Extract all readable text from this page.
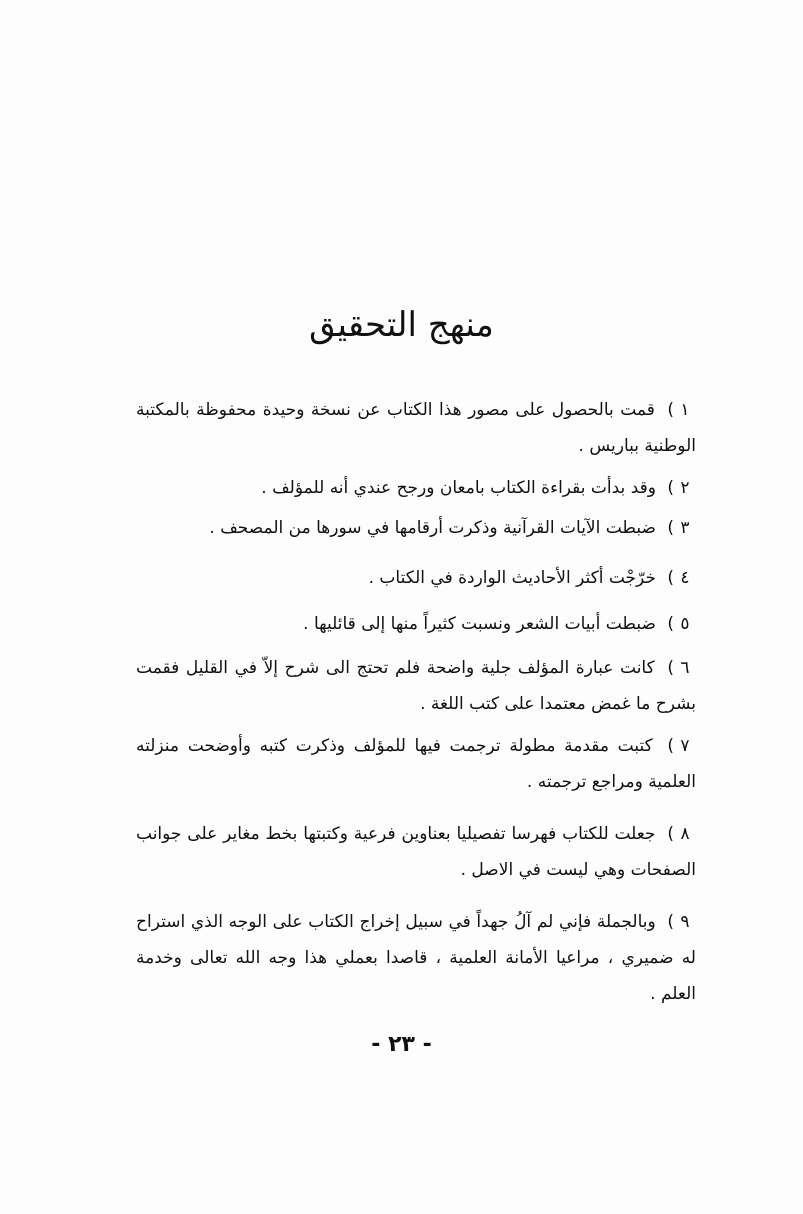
منهج التحقيق
١) قمت بالحصول على مصور هذا الكتاب عن نسخة وحيدة محفوظة بالمكتبة الوطنية بباريس .
٢) وقد بدأت بقراءة الكتاب بامعان ورجح عندي أنه للمؤلف .
٣) ضبطت الآيات القرآنية وذكرت أرقامها في سورها من المصحف .
٤) خرّجْت أكثر الأحاديث الواردة في الكتاب .
٥) ضبطت أبيات الشعر ونسبت كثيراً منها إلى قائليها .
٦) كانت عبارة المؤلف جلية واضحة فلم تحتج الى شرح إلاّ في القليل فقمت بشرح ما غمض معتمدا على كتب اللغة .
٧) كتبت مقدمة مطولة ترجمت فيها للمؤلف وذكرت كتبه وأوضحت منزلته العلمية ومراجع ترجمته .
٨) جعلت للكتاب فهرسا تفصيليا بعناوين فرعية وكتبتها بخط مغاير على جوانب الصفحات وهي ليست في الاصل .
٩) وبالجملة فإني لم آلُ جهداً في سبيل إخراج الكتاب على الوجه الذي استراح له ضميري ، مراعيا الأمانة العلمية ، قاصدا بعملي هذا وجه الله تعالى وخدمة العلم .
- ٢٣ -
